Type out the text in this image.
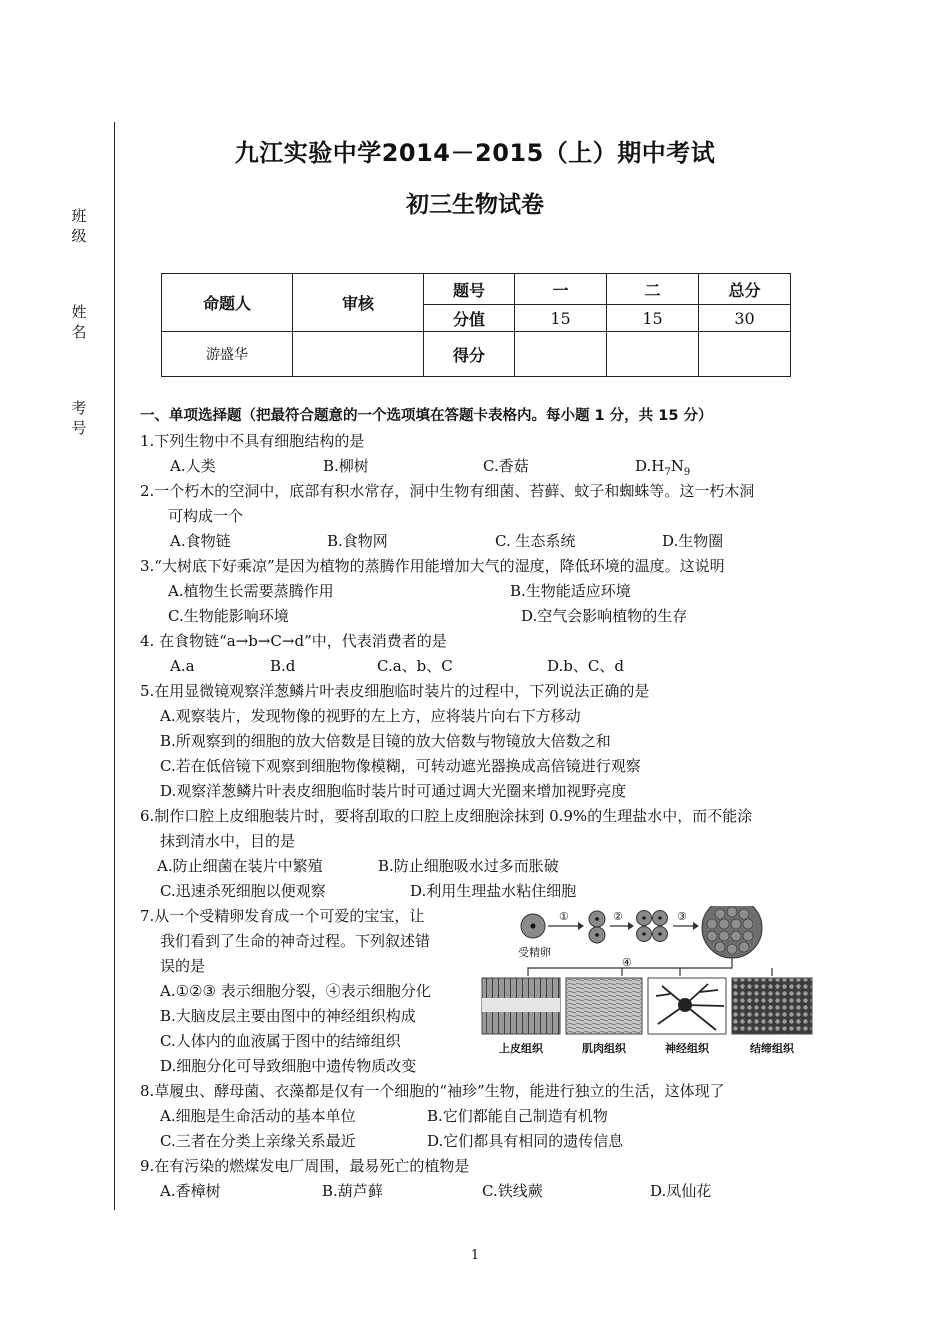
班级
姓名
考号
九江实验中学2014－2015（上）期中考试
初三生物试卷
命题人	审核	题号	一	二	总分
		分值	15	15	30
游盛华		得分			
一、单项选择题（把最符合题意的一个选项填在答题卡表格内。每小题 1 分，共 15 分）
1.下列生物中不具有细胞结构的是
A.人类	B.柳树	C.香菇	$D.H_7N_9$
2.一个朽木的空洞中，底部有积水常存，洞中生物有细菌、苔藓、蚊子和蜘蛛等。这一朽木洞
可构成一个
A.食物链	B.食物网	C. 生态系统	D.生物圈
3.“大树底下好乘凉”是因为植物的蒸腾作用能增加大气的湿度，降低环境的温度。这说明
A.植物生长需要蒸腾作用	B.生物能适应环境
C.生物能影响环境	D.空气会影响植物的生存
4. 在食物链“a→b→C→d”中，代表消费者的是
A.a	B.d	C.a、b、C	D.b、C、d
5.在用显微镜观察洋葱鳞片叶表皮细胞临时装片的过程中，下列说法正确的是
A.观察装片，发现物像的视野的左上方，应将装片向右下方移动
B.所观察到的细胞的放大倍数是目镜的放大倍数与物镜放大倍数之和
C.若在低倍镜下观察到细胞物像模糊，可转动遮光器换成高倍镜进行观察
D.观察洋葱鳞片叶表皮细胞临时装片时可通过调大光圈来增加视野亮度
6.制作口腔上皮细胞装片时，要将刮取的口腔上皮细胞涂抹到 0.9%的生理盐水中，而不能涂
抹到清水中，目的是
A.防止细菌在装片中繁殖	B.防止细胞吸水过多而胀破
C.迅速杀死细胞以便观察	D.利用生理盐水粘住细胞
7.从一个受精卵发育成一个可爱的宝宝，让
我们看到了生命的神奇过程。下列叙述错
误的是
A.①②③ 表示细胞分裂，④表示细胞分化
B.大脑皮层主要由图中的神经组织构成
C.人体内的血液属于图中的结缔组织
D.细胞分化可导致细胞中遗传物质改变
受精卵
①	②	③
④
上皮组织	肌肉组织	神经组织	结缔组织
8.草履虫、酵母菌、衣藻都是仅有一个细胞的“袖珍”生物，能进行独立的生活，这体现了
A.细胞是生命活动的基本单位	B.它们都能自己制造有机物
C.三者在分类上亲缘关系最近	D.它们都具有相同的遗传信息
9.在有污染的燃煤发电厂周围，最易死亡的植物是
A.香樟树	B.葫芦藓	C.铁线蕨	D.凤仙花
1
